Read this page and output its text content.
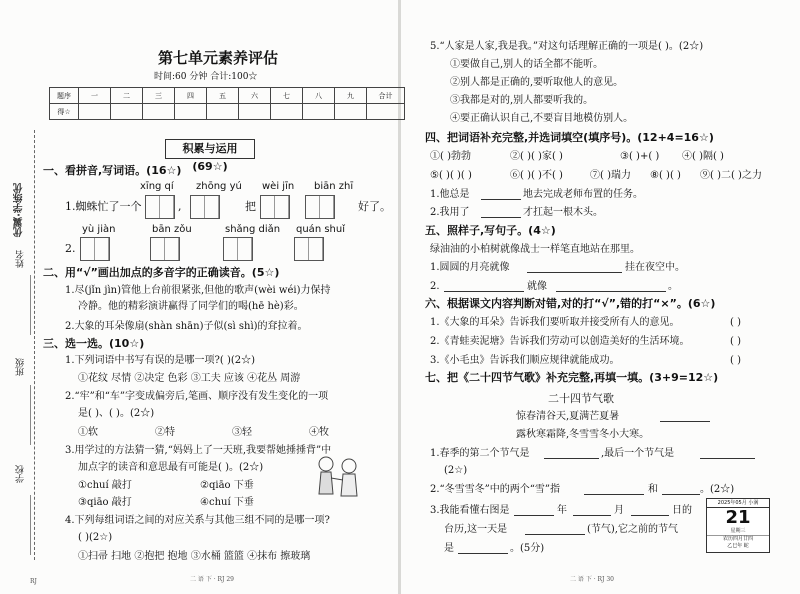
第七单元素养评估
时间:60 分钟 合计:100☆
题序	一	二	三	四	五	六	七	八	九	合计
得☆										
优翼·学练优
姓名
班级
学校
积累与运用(69☆)
一、看拼音,写词语。(16☆)
xīng qí zhōng yú wèi jīn biān zhī
1.蜘蛛忙了一个	,	把	好了。
yù jiàn	bān zǒu	shǎng diǎn quán shuǐ
2.
二、用“√”画出加点的多音字的正确读音。(5☆)
1.尽(jǐn jìn)管他上台前很紧张,但他的歌声(wèi wéi)力保持
冷静。他的精彩演讲赢得了同学们的喝(hē hè)彩。
2.大象的耳朵像扇(shàn shān)子似(sì shì)的耷拉着。
三、选一选。(10☆)
1.下列词语中书写有误的是哪一项?( )(2☆)
①花纹 尽情 ②决定 色彩 ③工夫 应该 ④花丛 周游
2.“牢”和“车”字变成偏旁后,笔画、顺序没有发生变化的一项
是( )、( )。(2☆)
①软	②特	③轻	④牧
3.用学过的方法猜一猜,“妈妈上了一天班,我要帮她捶捶背”中
加点字的读音和意思最有可能是( )。(2☆)
①chuí 敲打	②qiāo 下垂
③qiāo 敲打	④chuí 下垂
4.下列每组词语之间的对应关系与其他三组不同的是哪一项?
( )(2☆)
①扫帚 扫地 ②抱把 抱地 ③水桶 篮篮 ④抹布 擦玻璃
二 语 下 · RJ 29
RJ
5.“人家是人家,我是我。”对这句话理解正确的一项是( )。(2☆)
①要做自己,别人的话全都不能听。
②别人都是正确的,要听取他人的意见。
③我都是对的,别人都要听我的。
④要正确认识自己,不要盲目地模仿别人。
四、把词语补充完整,并选词填空(填序号)。(12+4=16☆)
①( )勃勃	②( )( )家( )	③( )+( ) ④( )隔( )
⑤( )( )( )	⑥( )( )不( )	⑦( )瑞力 ⑧( )( ) ⑨( )二( )之力
1.他总是	地去完成老师布置的任务。
2.我用了	才扛起一根木头。
五、照样子,写句子。(4☆)
绿油油的小柏树就像战士一样笔直地站在那里。
1.圆圆的月亮就像	挂在夜空中。
2.	就像	。
六、根据课文内容判断对错,对的打“√”,错的打“×”。(6☆)
1.《大象的耳朵》告诉我们要听取并接受所有人的意见。	( )
2.《青蛙卖泥塘》告诉我们劳动可以创造美好的生活环境。	( )
3.《小毛虫》告诉我们顺应规律就能成功。	( )
七、把《二十四节气歌》补充完整,再填一填。(3+9=12☆)
二十四节气歌
惊春清谷天,夏满芒夏暑
露秋寒霜降,冬雪雪冬小大寒。
1.春季的第二个节气是	,最后一个节气是
(2☆)
2.“冬雪雪冬”中的两个“雪”指	和	。(2☆)
3.我能看懂右图是	年	月	日的
台历,这一天是	(节气),它之前的节气
是	。(5分)
2025年05月 小满
21
星期三
农历四月廿四
乙巳年 蛇
二 语 下 · RJ 30
